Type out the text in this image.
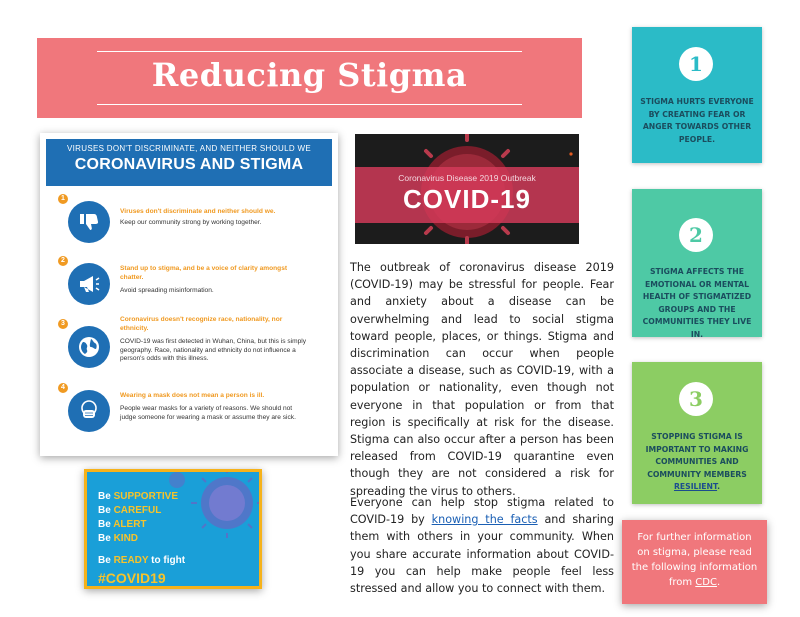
Reducing Stigma
VIRUSES DON'T DISCRIMINATE, AND NEITHER SHOULD WE
CORONAVIRUS AND STIGMA
1
Viruses don't discriminate and neither should we.
Keep our community strong by working together.
2
Stand up to stigma, and be a voice of clarity amongst chatter.
Avoid spreading misinformation.
3
Coronavirus doesn't recognize race, nationality, nor ethnicity.
COVID-19 was first detected in Wuhan, China, but this is simply geography. Race, nationality and ethnicity do not influence a person's odds with this illness.
4
Wearing a mask does not mean a person is ill.
People wear masks for a variety of reasons. We should not judge someone for wearing a mask or assume they are sick.
Be SUPPORTIVE
Be CAREFUL
Be ALERT
Be KIND
Be READY to fight
#COVID19
Coronavirus Disease 2019 Outbreak
COVID-19
The outbreak of coronavirus disease 2019 (COVID-19) may be stressful for people. Fear and anxiety about a disease can be overwhelming and lead to social stigma toward people, places, or things. Stigma and discrimination can occur when people associate a disease, such as COVID-19, with a population or nationality, even though not everyone in that population or from that region is specifically at risk for the disease. Stigma can also occur after a person has been released from COVID-19 quarantine even though they are not considered a risk for spreading the virus to others.
Everyone can help stop stigma related to COVID-19 by knowing the facts and sharing them with others in your community. When you share accurate information about COVID-19 you can help make people feel less stressed and allow you to connect with them.
1
STIGMA HURTS EVERYONE BY CREATING FEAR OR ANGER TOWARDS OTHER PEOPLE.
2
STIGMA AFFECTS THE EMOTIONAL OR MENTAL HEALTH OF STIGMATIZED GROUPS AND THE COMMUNITIES THEY LIVE IN.
3
STOPPING STIGMA IS IMPORTANT TO MAKING COMMUNITIES AND COMMUNITY MEMBERS RESILIENT.
For further information on stigma, please read the following information from CDC.
